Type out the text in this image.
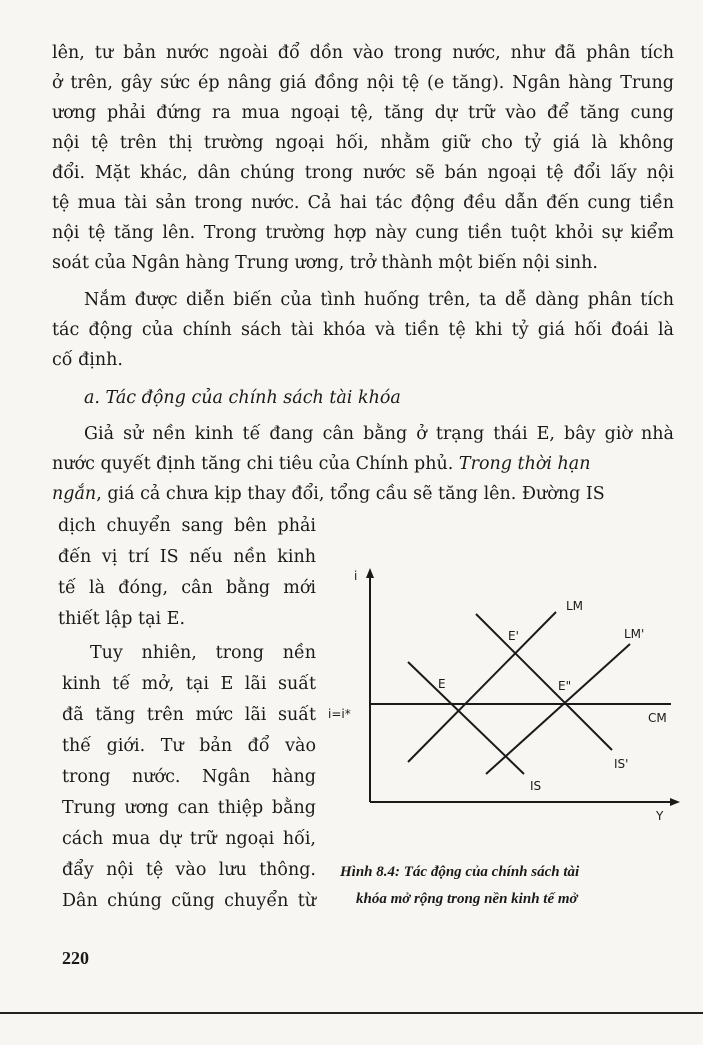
lên, tư bản nước ngoài đổ dồn vào trong nước, như đã phân tích
ở trên, gây sức ép nâng giá đồng nội tệ (e tăng). Ngân hàng Trung
ương phải đứng ra mua ngoại tệ, tăng dự trữ vào để tăng cung
nội tệ trên thị trường ngoại hối, nhằm giữ cho tỷ giá là không
đổi. Mặt khác, dân chúng trong nước sẽ bán ngoại tệ đổi lấy nội
tệ mua tài sản trong nước. Cả hai tác động đều dẫn đến cung tiền
nội tệ tăng lên. Trong trường hợp này cung tiền tuột khỏi sự kiểm
soát của Ngân hàng Trung ương, trở thành một biến nội sinh.
Nắm được diễn biến của tình huống trên, ta dễ dàng phân tích
tác động của chính sách tài khóa và tiền tệ khi tỷ giá hối đoái là
cố định.
a. Tác động của chính sách tài khóa
Giả sử nền kinh tế đang cân bằng ở trạng thái E, bây giờ nhà
nước quyết định tăng chi tiêu của Chính phủ. Trong thời hạn
ngắn, giá cả chưa kịp thay đổi, tổng cầu sẽ tăng lên. Đường IS
dịch chuyển sang bên phải
đến vị trí IS nếu nền kinh
tế là đóng, cân bằng mới
thiết lập tại E.
Tuy nhiên, trong nền
kinh tế mở, tại E lãi suất
đã tăng trên mức lãi suất
thế giới. Tư bản đổ vào
trong nước. Ngân hàng
Trung ương can thiệp bằng
cách mua dự trữ ngoại hối,
đẩy nội tệ vào lưu thông.
Dân chúng cũng chuyển từ
i
Y
i=i*	CM
LM
LM'
IS
IS'
E
E'
E"
Hình 8.4: Tác động của chính sách tài
khóa mở rộng trong nền kinh tế mở
220
